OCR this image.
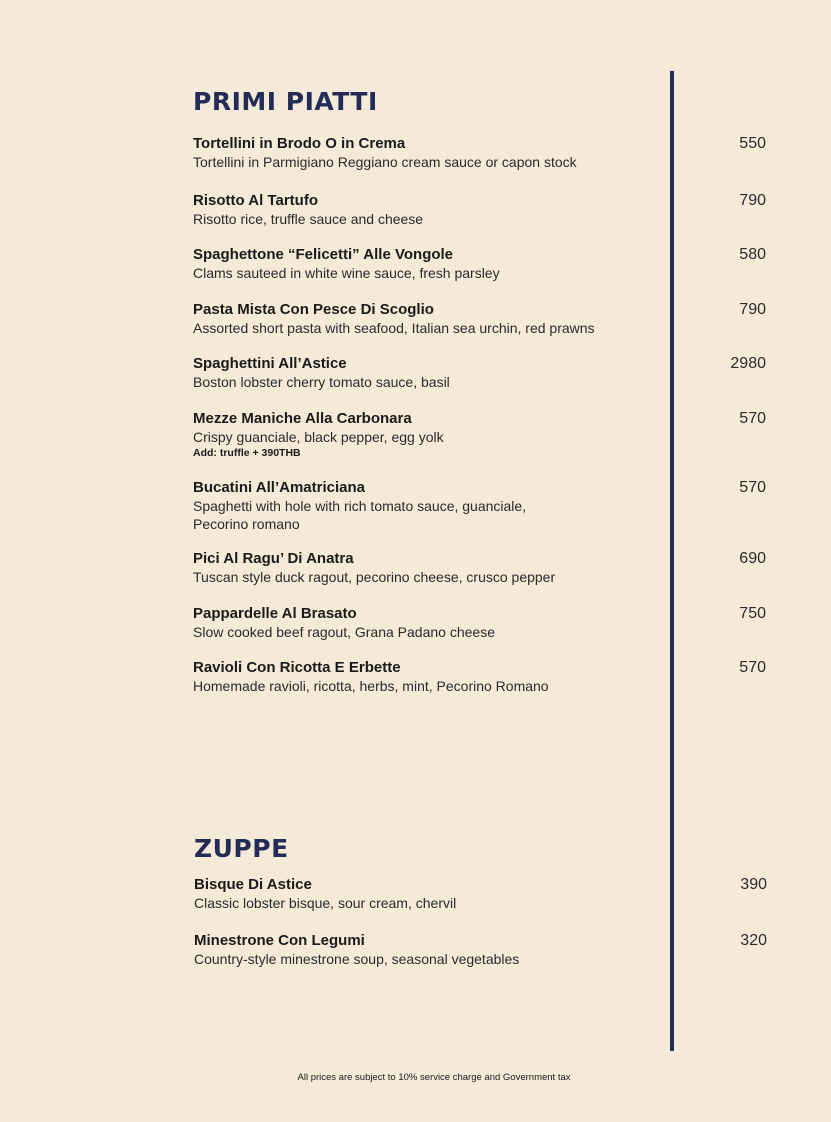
PRIMI PIATTI
Tortellini in Brodo O in Crema
Tortellini in Parmigiano Reggiano cream sauce or capon stock
550
Risotto Al Tartufo
Risotto rice, truffle sauce and cheese
790
Spaghettone “Felicetti” Alle Vongole
Clams sauteed in white wine sauce, fresh parsley
580
Pasta Mista Con Pesce Di Scoglio
Assorted short pasta with seafood, Italian sea urchin, red prawns
790
Spaghettini All’Astice
Boston lobster cherry tomato sauce, basil
2980
Mezze Maniche Alla Carbonara
Crispy guanciale, black pepper, egg yolk
Add: truffle + 390THB
570
Bucatini All’Amatriciana
Spaghetti with hole with rich tomato sauce, guanciale,
Pecorino romano
570
Pici Al Ragu’ Di Anatra
Tuscan style duck ragout, pecorino cheese, crusco pepper
690
Pappardelle Al Brasato
Slow cooked beef ragout, Grana Padano cheese
750
Ravioli Con Ricotta E Erbette
Homemade ravioli, ricotta, herbs, mint, Pecorino Romano
570
ZUPPE
Bisque Di Astice
Classic lobster bisque, sour cream, chervil
390
Minestrone Con Legumi
Country-style minestrone soup, seasonal vegetables
320
All prices are subject to 10% service charge and Government tax
